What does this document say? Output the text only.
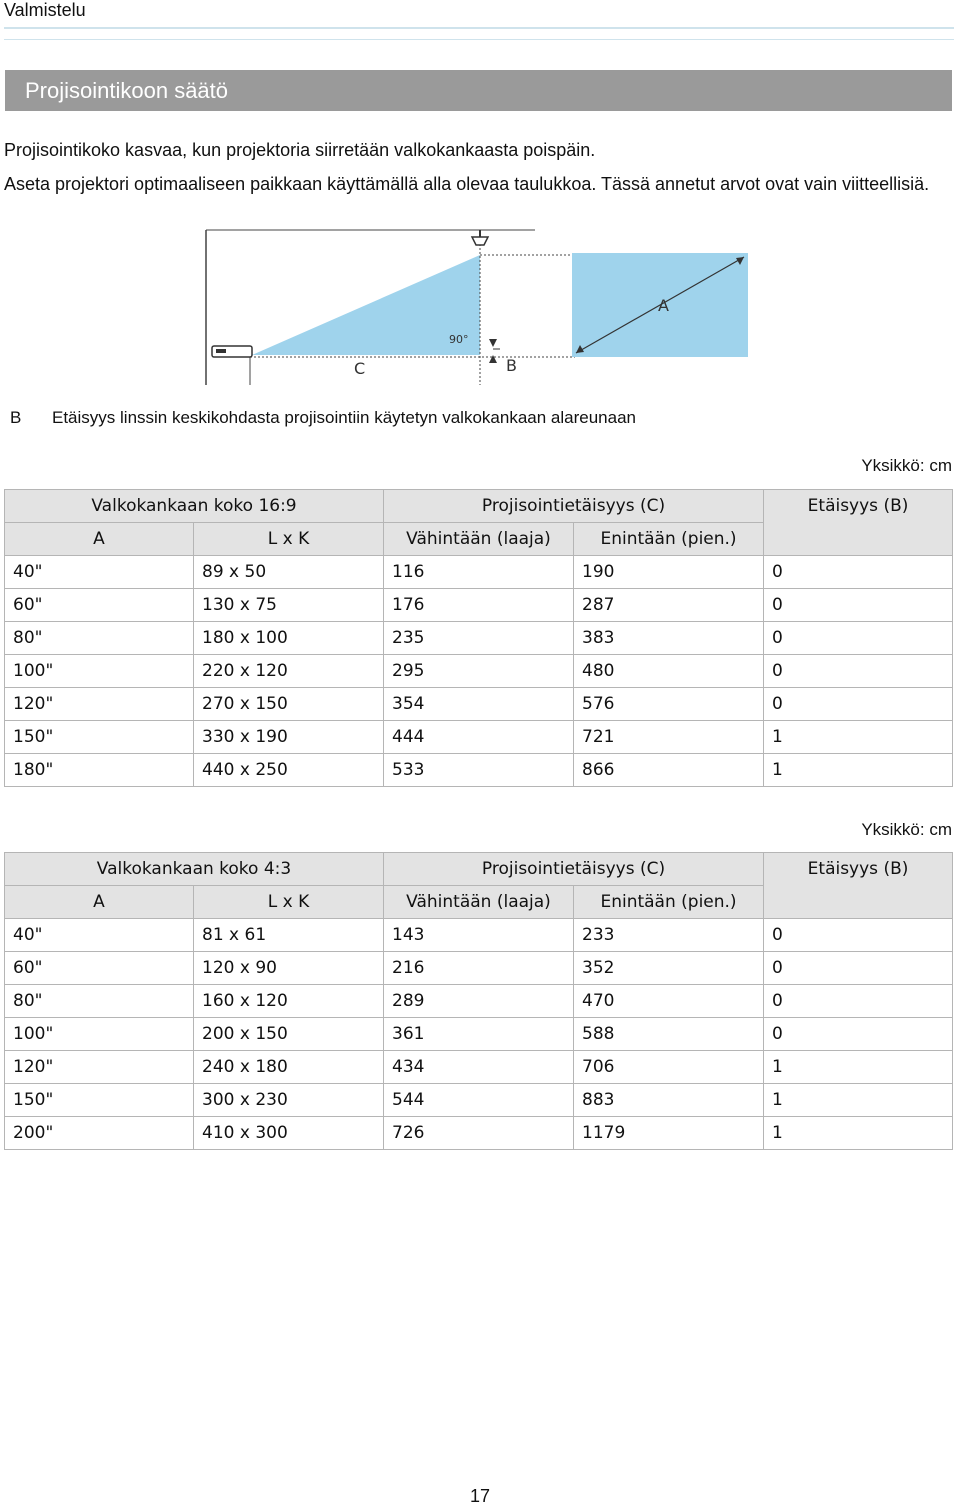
Valmistelu
Projisointikoon säätö

Projisointikoko kasvaa, kun projektoria siirretään valkokankaasta poispäin.

Aseta projektori optimaaliseen paikkaan käyttämällä alla olevaa taulukkoa. Tässä annetut arvot ovat vain viitteellisiä.

A
B
C
90°
B Etäisyys linssin keskikohdasta projisointiin käytetyn valkokankaan alareunaan
Yksikkö: cm
Valkokankaan koko 16:9		Projisointietäisyys (C)		Etäisyys (B)
A	L x K	Vähintään (laaja)	Enintään (pien.)	
40"	89 x 50	116	190	0
60"	130 x 75	176	287	0
80"	180 x 100	235	383	0
100"	220 x 120	295	480	0
120"	270 x 150	354	576	0
150"	330 x 190	444	721	1
180"	440 x 250	533	866	1
Yksikkö: cm
Valkokankaan koko 4:3		Projisointietäisyys (C)		Etäisyys (B)
A	L x K	Vähintään (laaja)	Enintään (pien.)	
40"	81 x 61	143	233	0
60"	120 x 90	216	352	0
80"	160 x 120	289	470	0
100"	200 x 150	361	588	0
120"	240 x 180	434	706	1
150"	300 x 230	544	883	1
200"	410 x 300	726	1179	1
17
